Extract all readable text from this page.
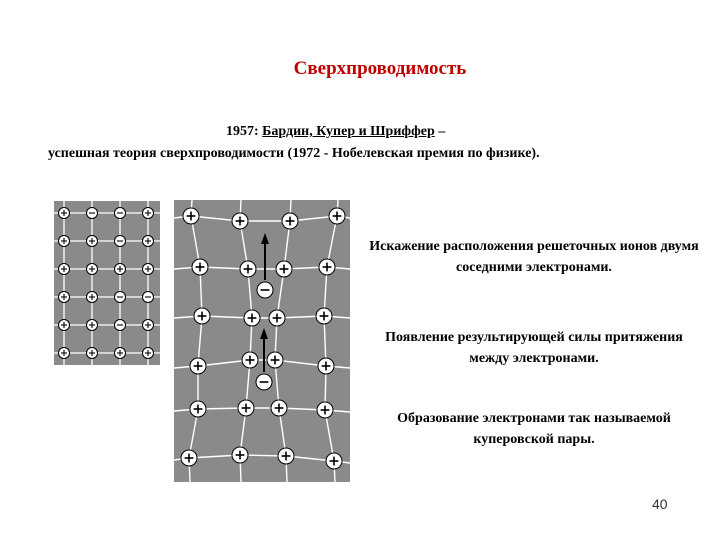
Сверхпроводимость
1957: Бардин, Купер и Шриффер –
успешная теория сверхпроводимости (1972 - Нобелевская премия по физике).
Искажение расположения решеточных ионов двумя соседними электронами.
Появление результирующей силы притяжения между электронами.
Образование электронами так называемой куперовской пары.
40
